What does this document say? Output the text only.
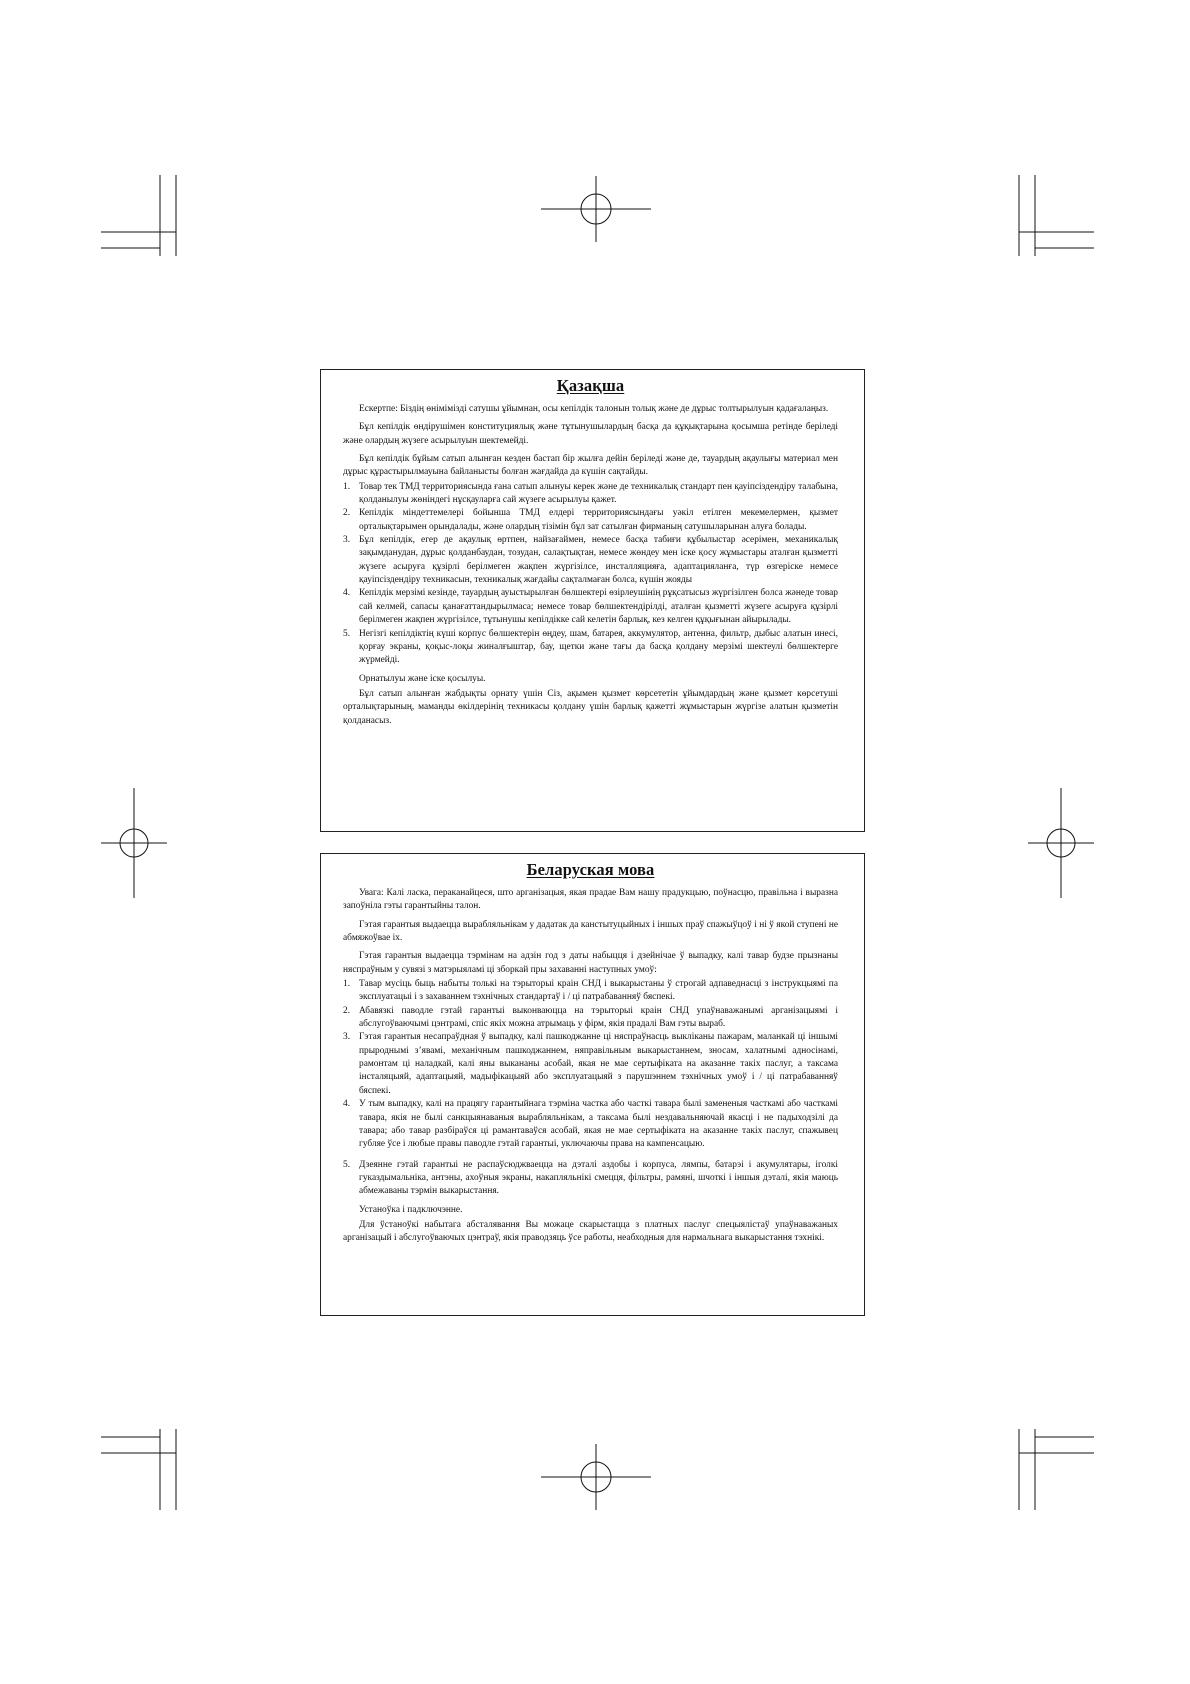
Қазақша

Ескертпе: Біздің өнімімізді сатушы ұйымнан, осы кепілдік талонын толық және де дұрыс толтырылуын қадағалаңыз.

Бұл кепілдік өндірушімен конституциялық және тұтынушылардың басқа да құқықтарына қосымша ретінде беріледі және олардың жүзеге асырылуын шектемейді.

Бұл кепілдік бұйым сатып алынған кезден бастап бір жылға дейін беріледі және де, тауардың ақаулығы материал мен дұрыс құрастырылмауына байланысты болған жағдайда да күшін сақтайды.

1. Товар тек ТМД территориясында ғана сатып алынуы керек және де техникалық стандарт пен қауіпсіздендіру талабына, қолданылуы жөніндегі нұсқауларға сай жүзеге асырылуы қажет.
2. Кепілдік міндеттемелері бойынша ТМД елдері территориясындағы уәкіл етілген мекемелермен, қызмет орталықтарымен орындалады, және олардың тізімін бұл зат сатылған фирманың сатушыларынан алуға болады.
3. Бұл кепілдік, егер де ақаулық өртпен, найзағаймен, немесе басқа табиғи құбылыстар әсерімен, механикалық зақымданудан, дұрыс қолданбаудан, тозудан, салақтықтан, немесе жөндеу мен іске қосу жұмыстары аталған қызметті жүзеге асыруға құзірлі берілмеген жақпен жүргізілсе, инсталляцияға, адаптацияланға, түр өзгеріске немесе қауіпсіздендіру техникасын, техникалық жағдайы сақталмаған болса, күшін жояды
4. Кепілдік мерзімі кезінде, тауардың ауыстырылған бөлшектері өзірлеушінің рұқсатысыз жүргізілген болса жәнеде товар сай келмей, сапасы қанағаттандырылмаса; немесе товар бөлшектендірілді, аталған қызметті жүзеге асыруға құзірлі берілмеген жақпен жүргізілсе, тұтынушы кепілдікке сай келетін барлық, кез келген құқығынан айырылады.
5. Негізгі кепілдіктің күші корпус бөлшектерін өңдеу, шам, батарея, аккумулятор, антенна, фильтр, дыбыс алатын инесі, қорғау экраны, қоқыс-лоқы жиналғыштар, бау, щетки және тағы да басқа қолдану мерзімі шектеулі бөлшектерге жүрмейді.

Орнатылуы және іске қосылуы.

Бұл сатып алынған жабдықты орнату үшін Сіз, ақымен қызмет көрсететін ұйымдардың және қызмет көрсетуші орталықтарының, маманды өкілдерінің техникасы қолдану үшін барлық қажетті жұмыстарын жүргізе алатын қызметін қолданасыз.

Беларуская мова

Увага: Калі ласка, пераканайцеся, што арганізацыя, якая прадае Вам нашу прадукцыю, поўнасцю, правільна і выразна запоўніла гэты гарантыйны талон.

Гэтая гарантыя выдаецца вырабляльнікам у дадатак да канстытуцыйных і іншых праў спажыўцоў і ні ў якой ступені не абмяжоўвае іх.

Гэтая гарантыя выдаецца тэрмінам на адзін год з даты набыцця і дзейнічае ў выпадку, калі тавар будзе прызнаны няспраўным у сувязі з матэрыяламі ці зборкай пры захаванні наступных умоў:

1. Тавар мусіць быць набыты толькі на тэрыторыі краін СНД і выкарыстаны ў строгай адпаведнасці з інструкцыямі па эксплуатацыі і з захаваннем тэхнічных стандартаў і / ці патрабаванняў бяспекі.
2. Абавязкі паводле гэтай гарантыі выконваюцца на тэрыторыі краін СНД упаўнаважанымі арганізацыямі і абслугоўваючымі цэнтрамі, спіс якіх можна атрымаць у фірм, якія прадалі Вам гэты выраб.
3. Гэтая гарантыя несапраўдная ў выпадку, калі пашкоджанне ці няспраўнасць выкліканы пажарам, маланкай ці іншымі прыроднымі з’явамі, механічным пашкоджаннем, няправільным выкарыстаннем, зносам, халатнымі адносінамі, рамонтам ці наладкай, калі яны выкананы асобай, якая не мае сертыфіката на аказанне такіх паслуг, а таксама інсталяцыяй, адаптацыяй, мадыфікацыяй або эксплуатацыяй з парушэннем тэхнічных умоў і / ці патрабаванняў бяспекі.
4. У тым выпадку, калі на працягу гарантыйнага тэрміна частка або часткі тавара былі замененыя часткамі або часткамі тавара, якія не былі санкцыянаваныя вырабляльнікам, а таксама былі нездавальняючай якасці і не падыходзілі да тавара; або тавар разбіраўся ці рамантаваўся асобай, якая не мае сертыфіката на аказанне такіх паслуг, спажывец губляе ўсе і любые правы паводле гэтай гарантыі, уключаючы права на кампенсацыю.
5. Дзеянне гэтай гарантыі не распаўсюджваецца на дэталі аздобы і корпуса, лямпы, батарэі і акумулятары, іголкі гуказдымальніка, антэны, ахоўныя экраны, накапляльнікі смецця, фільтры, рамяні, шчоткі і іншыя дэталі, якія маюць абмежаваны тэрмін выкарыстання.

Устаноўка і падключэнне.

Для ўстаноўкі набытага абсталявання Вы можаце скарыстацца з платных паслуг спецыялістаў упаўнаважаных арганізацый і абслугоўваючых цэнтраў, якія праводзяць ўсе работы, неабходныя для нармальнага выкарыстання тэхнікі.
